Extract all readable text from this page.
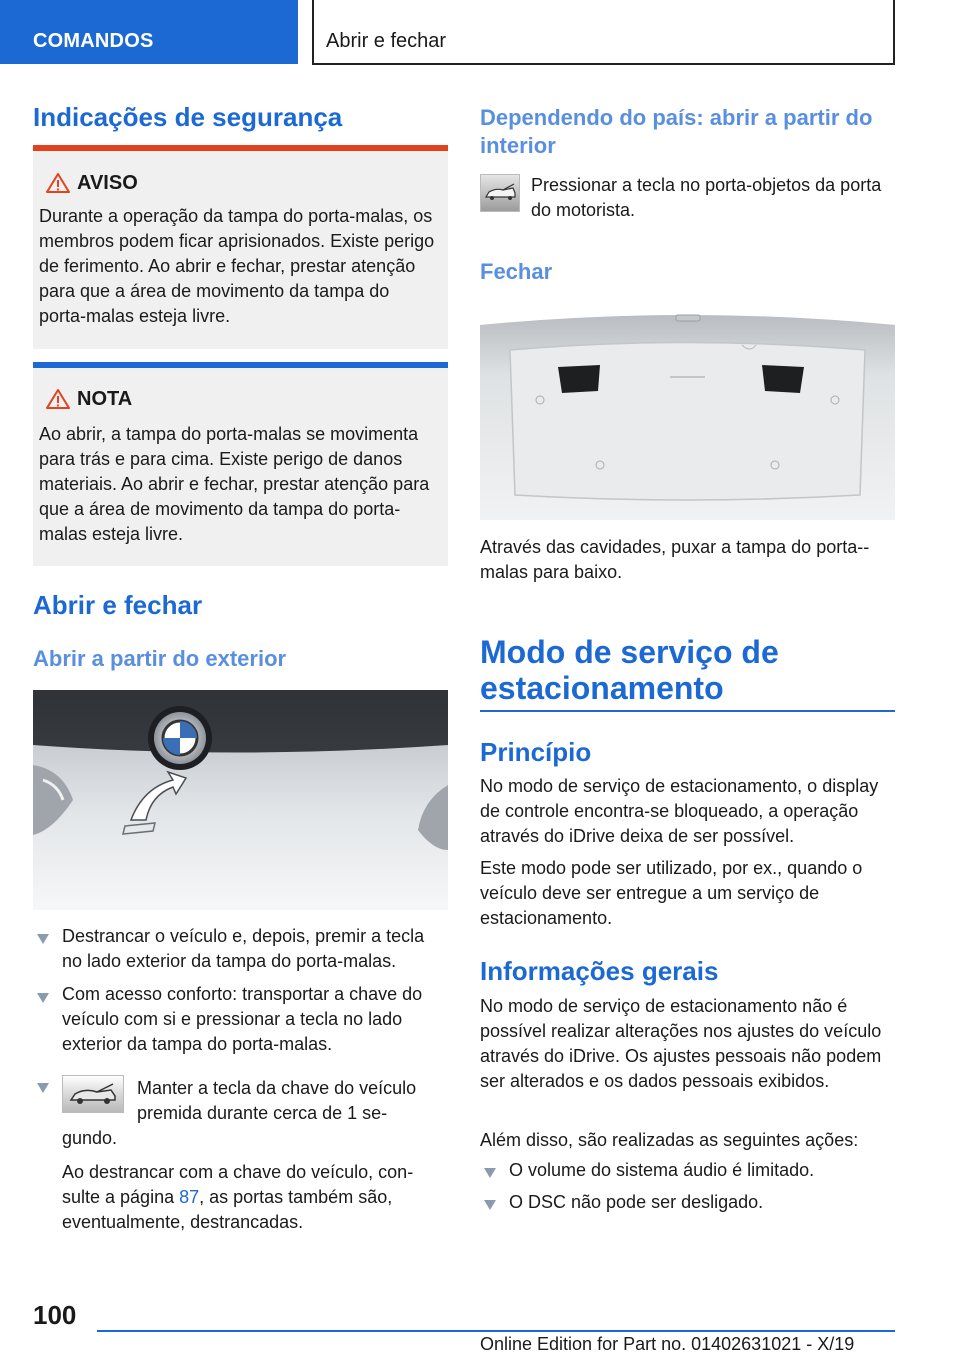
COMANDOS	Abrir e fechar
Indicações de segurança
AVISO
Durante a operação da tampa do porta-malas, os membros podem ficar aprisionados. Existe perigo de ferimento. Ao abrir e fechar, prestar atenção para que a área de movimento da tampa do porta-malas esteja livre.
NOTA
Ao abrir, a tampa do porta-malas se movimenta para trás e para cima. Existe perigo de danos materiais. Ao abrir e fechar, prestar atenção para que a área de movimento da tampa do porta-malas esteja livre.
Abrir e fechar
Abrir a partir do exterior
Destrancar o veículo e, depois, premir a tecla no lado exterior da tampa do porta-malas.
Com acesso conforto: transportar a chave do veículo com si e pressionar a tecla no lado exterior da tampa do porta-malas.
Manter a tecla da chave do veículo
premida durante cerca de 1 se-
gundo.
Ao destrancar com a chave do veículo, con-
sulte a página 87, as portas também são,
eventualmente, destrancadas.
Dependendo do país: abrir a partir do interior
Pressionar a tecla no porta-objetos da porta do motorista.
Fechar
Através das cavidades, puxar a tampa do porta--malas para baixo.
Modo de serviço de estacionamento
Princípio
No modo de serviço de estacionamento, o display de controle encontra-se bloqueado, a operação através do iDrive deixa de ser possível.
Este modo pode ser utilizado, por ex., quando o veículo deve ser entregue a um serviço de estacionamento.
Informações gerais
No modo de serviço de estacionamento não é possível realizar alterações nos ajustes do veículo através do iDrive. Os ajustes pessoais não podem ser alterados e os dados pessoais exibidos.
Além disso, são realizadas as seguintes ações:
O volume do sistema áudio é limitado.
O DSC não pode ser desligado.
100
Online Edition for Part no. 01402631021 - X/19
